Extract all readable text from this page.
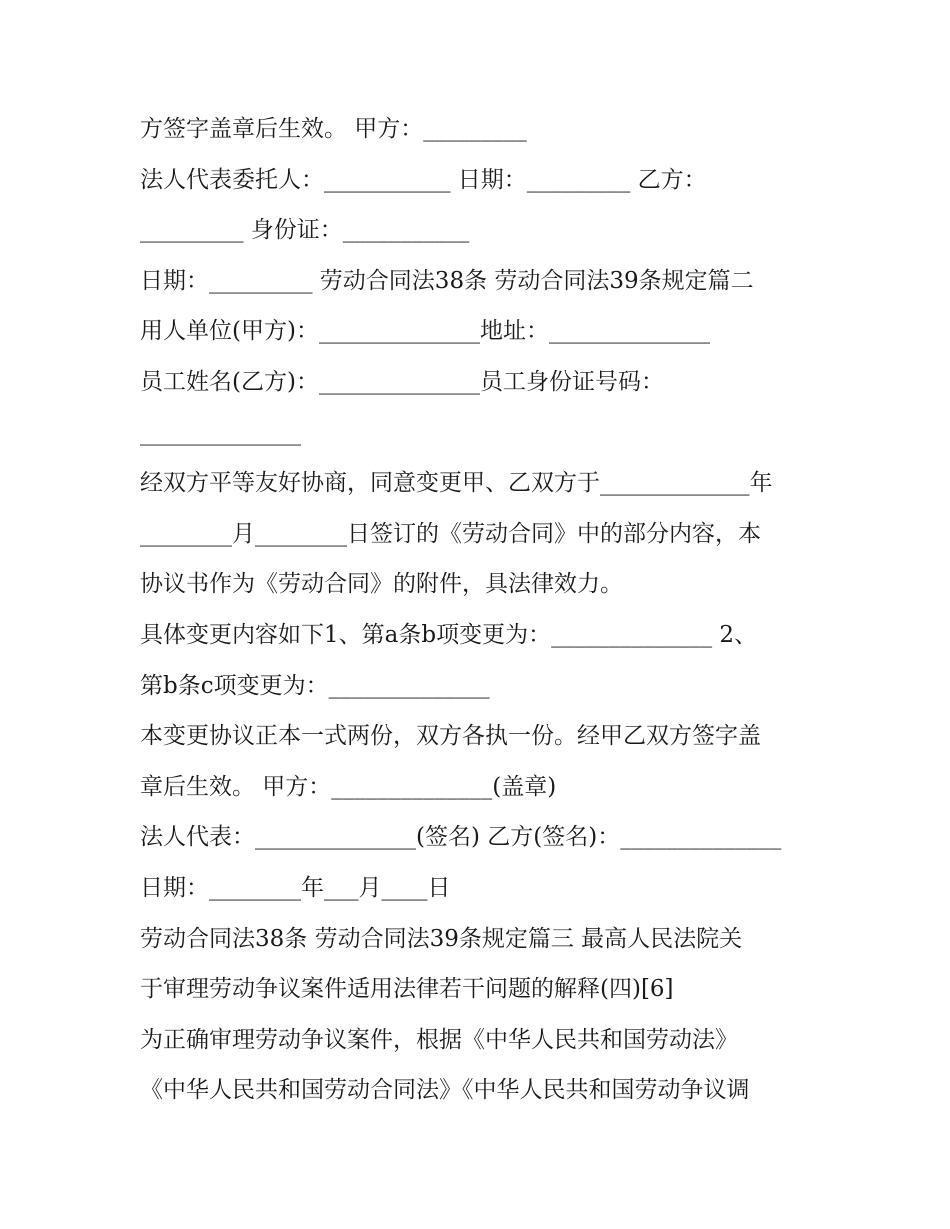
方签字盖章后生效。 甲方：_________
法人代表委托人：___________ 日期：_________ 乙方：
_________ 身份证：___________
日期：_________ 劳动合同法38条 劳动合同法39条规定篇二
用人单位(甲方)：______________地址：______________
员工姓名(乙方)：______________员工身份证号码：
______________
经双方平等友好协商，同意变更甲、乙双方于_____________年
________月________日签订的《劳动合同》中的部分内容，本
协议书作为《劳动合同》的附件，具法律效力。
具体变更内容如下1、第a条b项变更为：______________ 2、
第b条c项变更为：______________
本变更协议正本一式两份，双方各执一份。经甲乙双方签字盖
章后生效。 甲方：______________(盖章)
法人代表：______________(签名) 乙方(签名)：______________
日期：________年___月____日
劳动合同法38条 劳动合同法39条规定篇三 最高人民法院关
于审理劳动争议案件适用法律若干问题的解释(四)[6]
为正确审理劳动争议案件，根据《中华人民共和国劳动法》
《中华人民共和国劳动合同法》《中华人民共和国劳动争议调
